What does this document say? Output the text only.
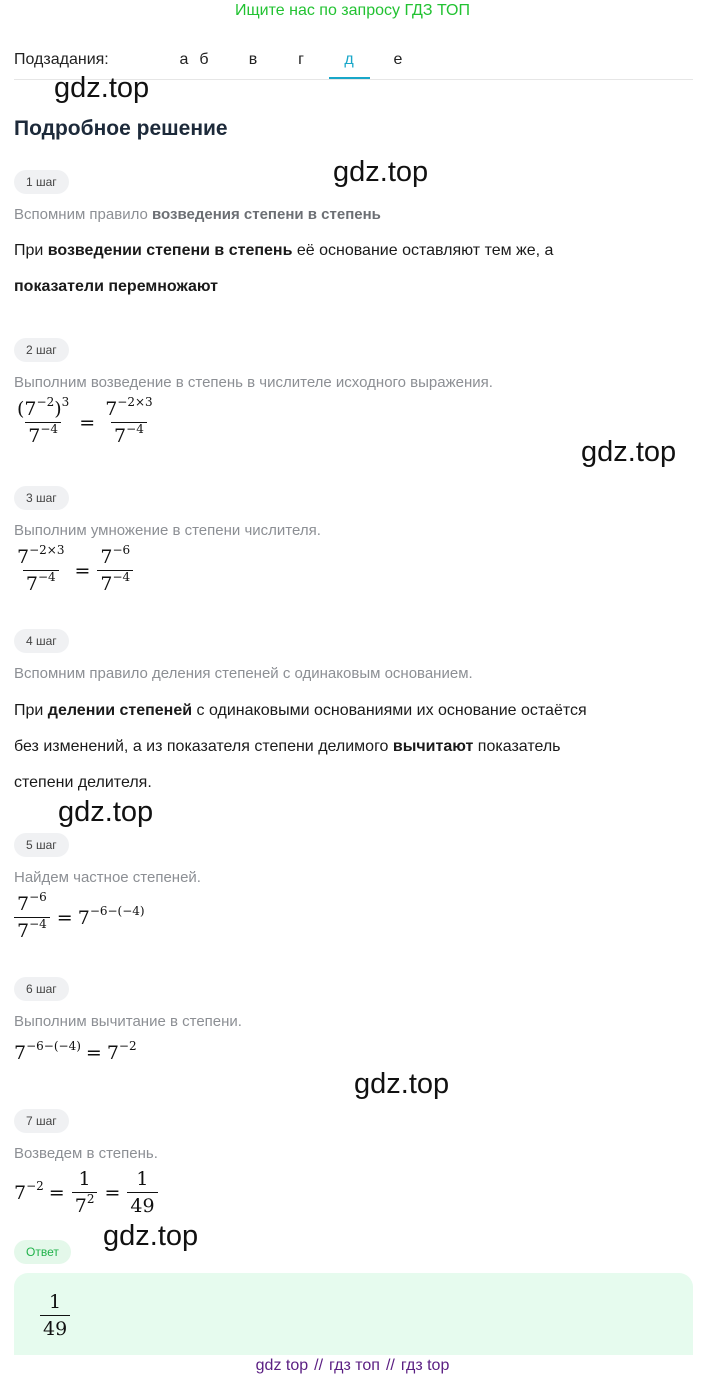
Ищите нас по запросу ГДЗ ТОП
Подзадания:	а б	в	г	д	е
gdz.top
gdz.top
gdz.top
gdz.top
gdz.top
gdz.top
Подробное решение
1 шаг
Вспомним правило возведения степени в степень
При возведении степени в степень её основание оставляют тем же, а
показатели перемножают
2 шаг
Выполним возведение в степень в числителе исходного выражения.
$\frac{(7^{-2})^3}{7^{-4}} = \frac{7^{-2\times 3}}{7^{-4}}$
3 шаг
Выполним умножение в степени числителя.
$\frac{7^{-2\times 3}}{7^{-4}} = \frac{7^{-6}}{7^{-4}}$
4 шаг
Вспомним правило деления степеней с одинаковым основанием.
При делении степеней с одинаковыми основаниями их основание остаётся
без изменений, а из показателя степени делимого вычитают показатель
степени делителя.
5 шаг
Найдем частное степеней.
$\frac{7^{-6}}{7^{-4}} = 7^{-6-(-4)}$
6 шаг
Выполним вычитание в степени.
$7^{-6-(-4)} = 7^{-2}$
7 шаг
Возведем в степень.
$7^{-2} = \frac{1}{7^2} = \frac{1}{49}$
Ответ
$\frac{1}{49}$
gdz top // гдз топ // гдз top
